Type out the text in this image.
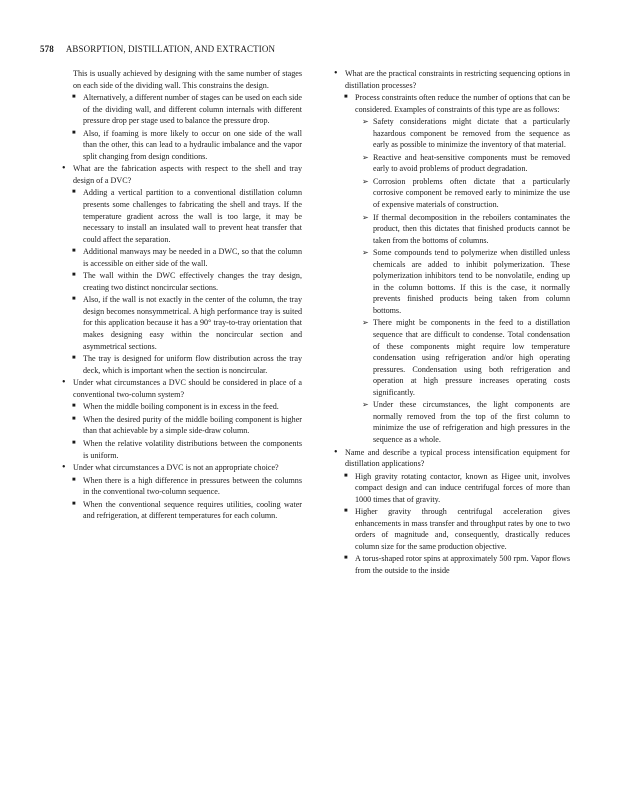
578 ABSORPTION, DISTILLATION, AND EXTRACTION
This is usually achieved by designing with the same number of stages on each side of the dividing wall. This constrains the design.
■ Alternatively, a different number of stages can be used on each side of the dividing wall, and different column internals with different pressure drop per stage used to balance the pressure drop.
■ Also, if foaming is more likely to occur on one side of the wall than the other, this can lead to a hydraulic imbalance and the vapor split changing from design conditions.
• What are the fabrication aspects with respect to the shell and tray design of a DVC?
■ Adding a vertical partition to a conventional distillation column presents some challenges to fabricating the shell and trays. If the temperature gradient across the wall is too large, it may be necessary to install an insulated wall to prevent heat transfer that could affect the separation.
■ Additional manways may be needed in a DWC, so that the column is accessible on either side of the wall.
■ The wall within the DWC effectively changes the tray design, creating two distinct noncircular sections.
■ Also, if the wall is not exactly in the center of the column, the tray design becomes nonsymmetrical. A high performance tray is suited for this application because it has a 90° tray-to-tray orientation that makes designing easy within the noncircular section and asymmetrical sections.
■ The tray is designed for uniform flow distribution across the tray deck, which is important when the section is noncircular.
• Under what circumstances a DVC should be considered in place of a conventional two-column system?
■ When the middle boiling component is in excess in the feed.
■ When the desired purity of the middle boiling component is higher than that achievable by a simple side-draw column.
■ When the relative volatility distributions between the components is uniform.
• Under what circumstances a DVC is not an appropriate choice?
■ When there is a high difference in pressures between the columns in the conventional two-column sequence.
■ When the conventional sequence requires utilities, cooling water and refrigeration, at different temperatures for each column.
• What are the practical constraints in restricting sequencing options in distillation processes?
■ Process constraints often reduce the number of options that can be considered. Examples of constraints of this type are as follows:
➢ Safety considerations might dictate that a particularly hazardous component be removed from the sequence as early as possible to minimize the inventory of that material.
➢ Reactive and heat-sensitive components must be removed early to avoid problems of product degradation.
➢ Corrosion problems often dictate that a particularly corrosive component be removed early to minimize the use of expensive materials of construction.
➢ If thermal decomposition in the reboilers contaminates the product, then this dictates that finished products cannot be taken from the bottoms of columns.
➢ Some compounds tend to polymerize when distilled unless chemicals are added to inhibit polymerization. These polymerization inhibitors tend to be nonvolatile, ending up in the column bottoms. If this is the case, it normally prevents finished products being taken from column bottoms.
➢ There might be components in the feed to a distillation sequence that are difficult to condense. Total condensation of these components might require low temperature condensation using refrigeration and/or high operating pressures. Condensation using both refrigeration and operation at high pressure increases operating costs significantly.
➢ Under these circumstances, the light components are normally removed from the top of the first column to minimize the use of refrigeration and high pressures in the sequence as a whole.
• Name and describe a typical process intensification equipment for distillation applications?
■ High gravity rotating contactor, known as Higee unit, involves compact design and can induce centrifugal forces of more than 1000 times that of gravity.
■ Higher gravity through centrifugal acceleration gives enhancements in mass transfer and throughput rates by one to two orders of magnitude and, consequently, drastically reduces column size for the same production objective.
■ A torus-shaped rotor spins at approximately 500 rpm. Vapor flows from the outside to the inside
